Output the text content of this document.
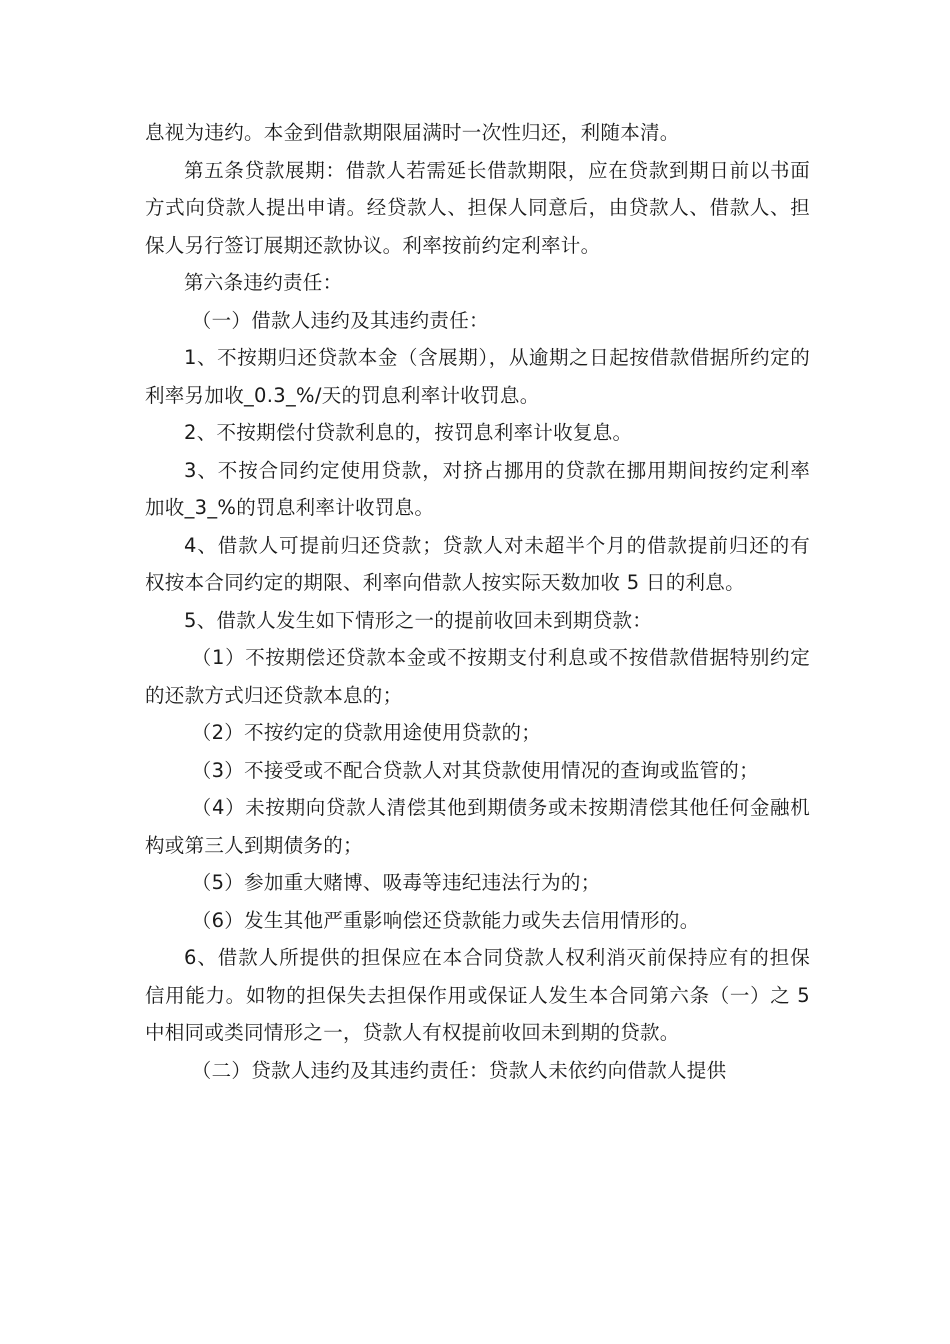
息视为违约。本金到借款期限届满时一次性归还，利随本清。

第五条贷款展期：借款人若需延长借款期限，应在贷款到期日前以书面方式向贷款人提出申请。经贷款人、担保人同意后，由贷款人、借款人、担保人另行签订展期还款协议。利率按前约定利率计。

第六条违约责任：

（一）借款人违约及其违约责任：

1、不按期归还贷款本金（含展期），从逾期之日起按借款借据所约定的利率另加收_0.3_%/天的罚息利率计收罚息。

2、不按期偿付贷款利息的，按罚息利率计收复息。

3、不按合同约定使用贷款，对挤占挪用的贷款在挪用期间按约定利率加收_3_%的罚息利率计收罚息。

4、借款人可提前归还贷款；贷款人对未超半个月的借款提前归还的有权按本合同约定的期限、利率向借款人按实际天数加收 5 日的利息。

5、借款人发生如下情形之一的提前收回未到期贷款：

（1）不按期偿还贷款本金或不按期支付利息或不按借款借据特别约定的还款方式归还贷款本息的；

（2）不按约定的贷款用途使用贷款的；

（3）不接受或不配合贷款人对其贷款使用情况的查询或监管的；

（4）未按期向贷款人清偿其他到期债务或未按期清偿其他任何金融机构或第三人到期债务的；

（5）参加重大赌博、吸毒等违纪违法行为的；

（6）发生其他严重影响偿还贷款能力或失去信用情形的。

6、借款人所提供的担保应在本合同贷款人权利消灭前保持应有的担保信用能力。如物的担保失去担保作用或保证人发生本合同第六条（一）之 5 中相同或类同情形之一，贷款人有权提前收回未到期的贷款。

（二）贷款人违约及其违约责任：贷款人未依约向借款人提供
